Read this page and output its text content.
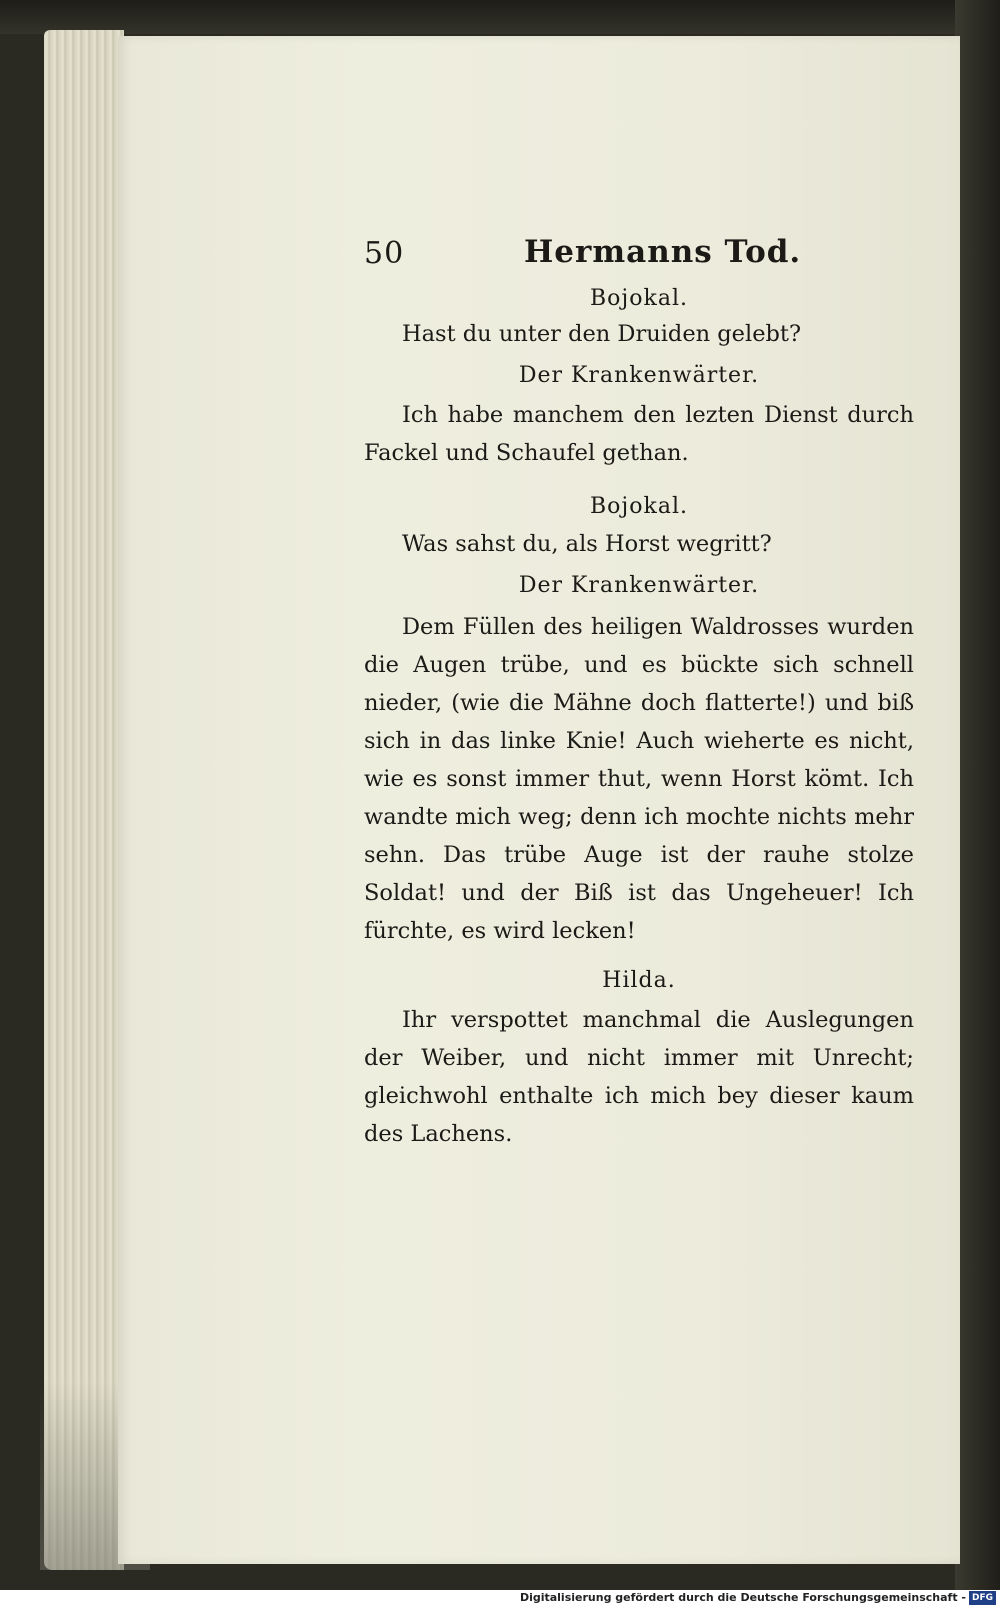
50	Hermanns Tod.

Bojokal.

Hast du unter den Druiden gelebt?

Der Krankenwärter.

Ich habe manchem den lezten Dienst durch Fackel und Schaufel gethan.

Bojokal.

Was sahst du, als Horst wegritt?

Der Krankenwärter.

Dem Füllen des heiligen Waldrosses wurden die Augen trübe, und es bückte sich schnell nieder, (wie die Mähne doch flatterte!) und biß sich in das linke Knie! Auch wieherte es nicht, wie es sonst immer thut, wenn Horst kömt. Ich wandte mich weg; denn ich mochte nichts mehr sehn. Das trübe Auge ist der rauhe stolze Soldat! und der Biß ist das Ungeheuer! Ich fürchte, es wird lecken!

Hilda.

Ihr verspottet manchmal die Auslegungen der Weiber, und nicht immer mit Unrecht; gleichwohl enthalte ich mich bey dieser kaum des Lachens.

Digitalisierung gefördert durch die Deutsche Forschungsgemeinschaft - DFG
